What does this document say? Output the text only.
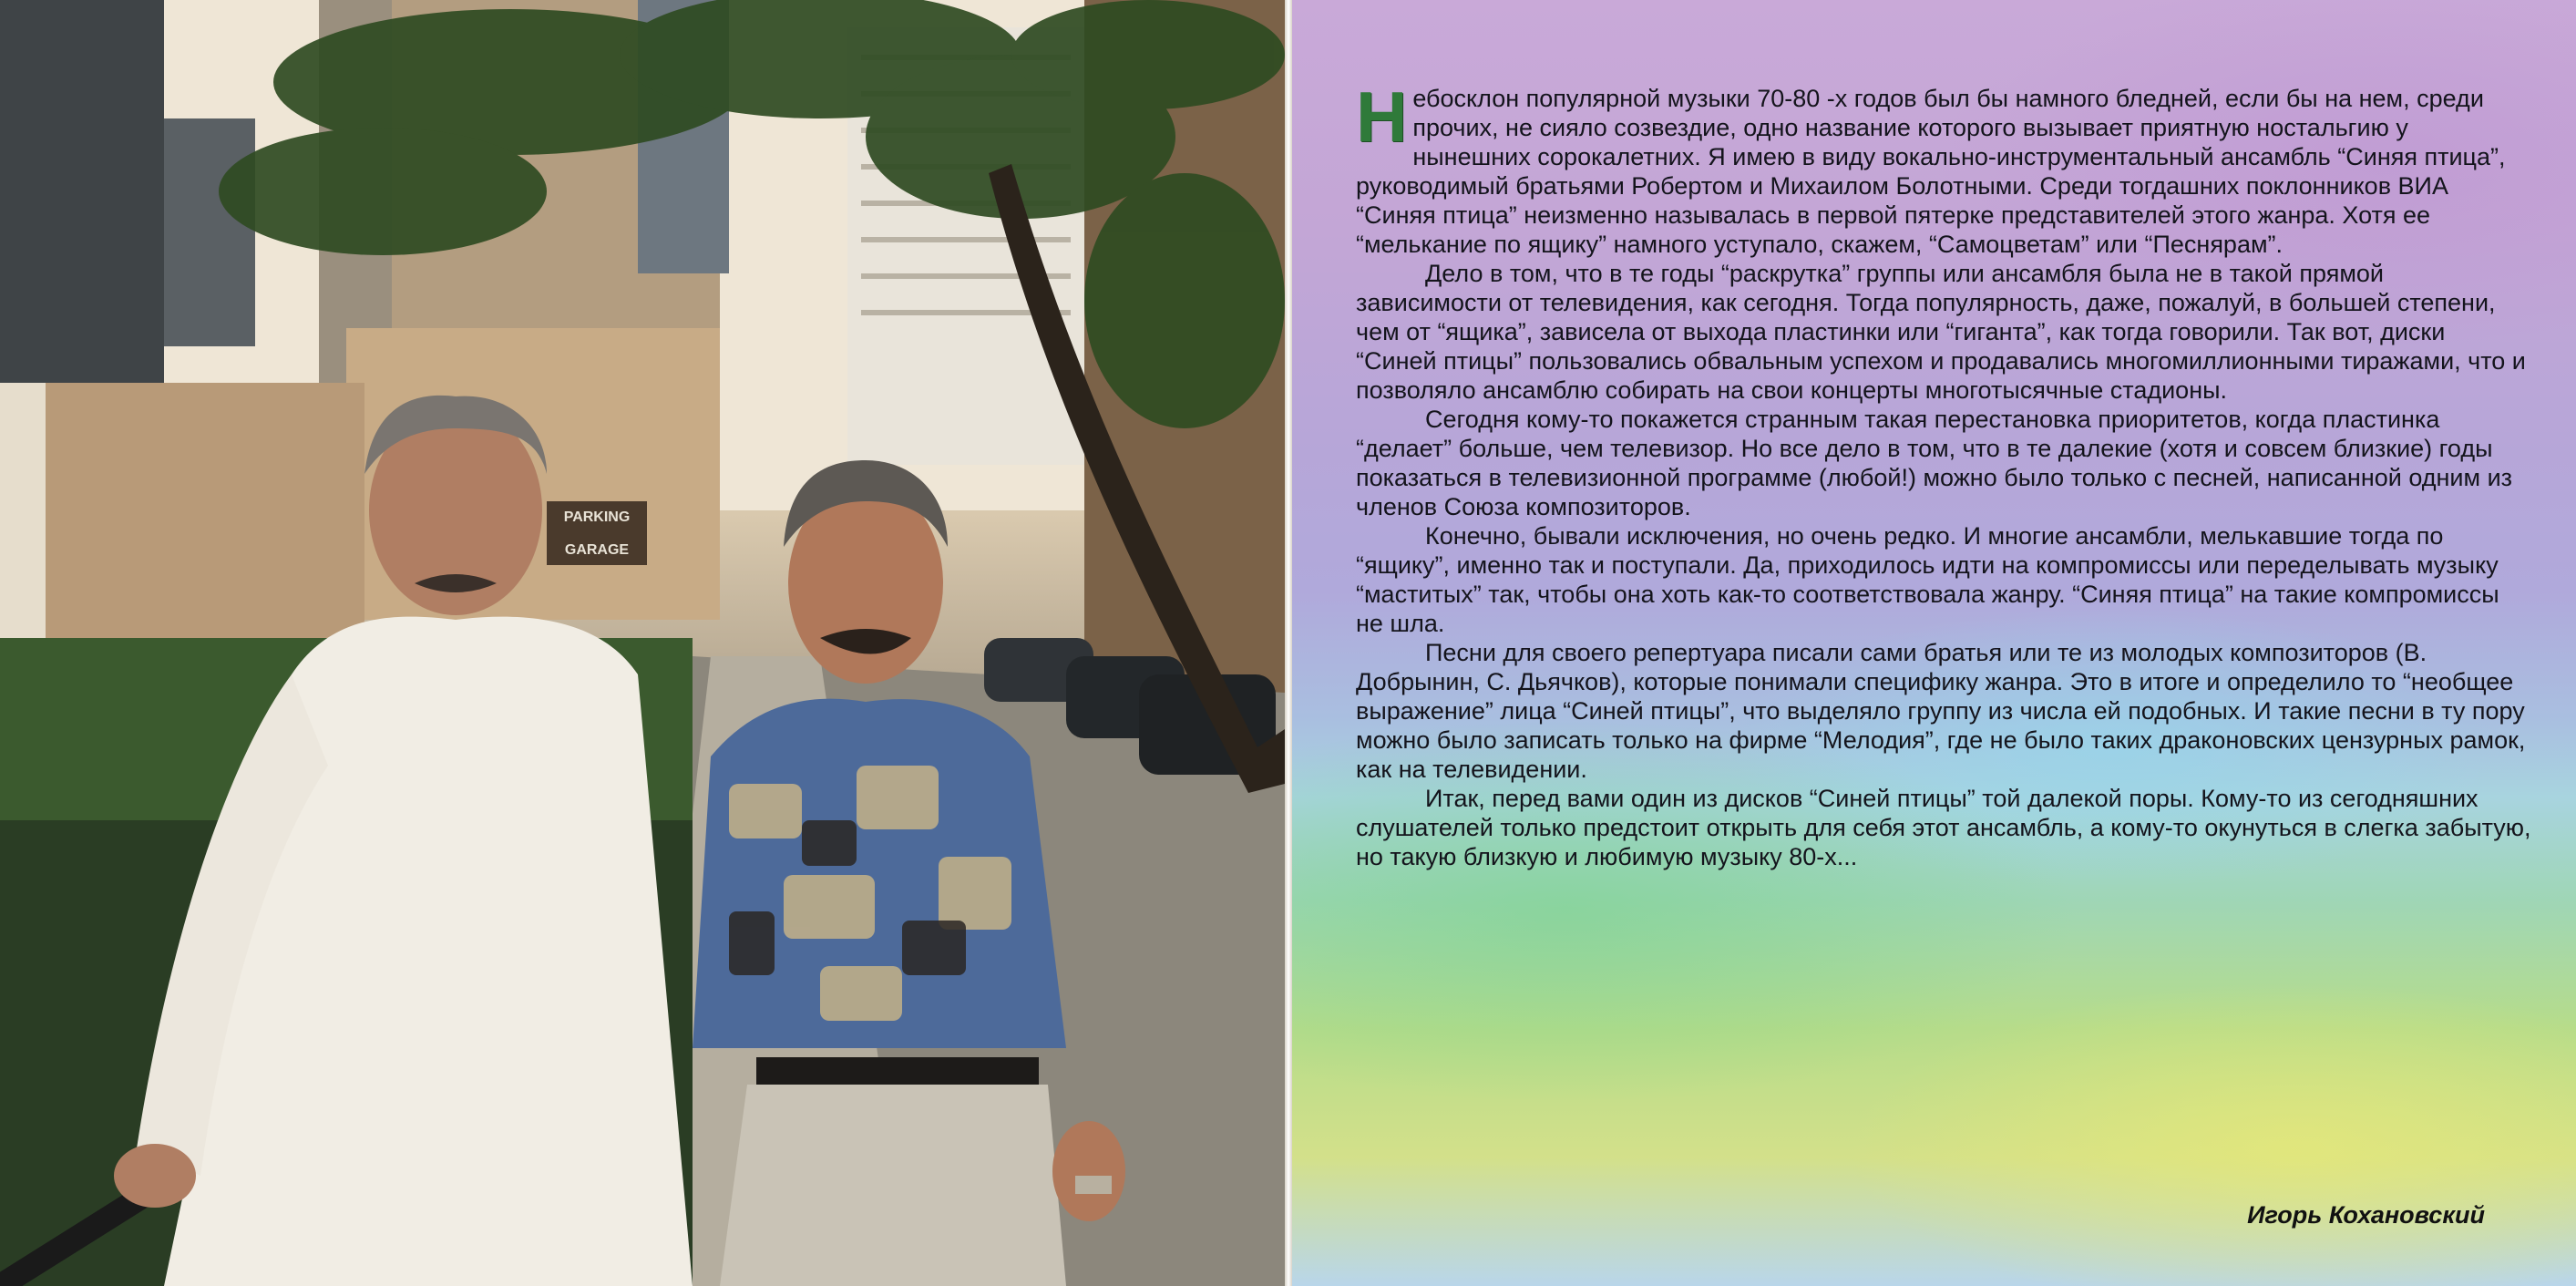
PARKING
GARAGE

Небосклон популярной музыки 70-80 -х годов был бы намного бледней, если бы на нем, среди прочих, не сияло созвездие, одно название которого вызывает приятную ностальгию у нынешних сорокалетних. Я имею в виду вокально-инструментальный ансамбль “Синяя птица”, руководимый братьями Робертом и Михаилом Болотными. Среди тогдашних поклонников ВИА “Синяя птица” неизменно называлась в первой пятерке представителей этого жанра. Хотя ее “мелькание по ящику” намного уступало, скажем, “Самоцветам” или “Песнярам”.

Дело в том, что в те годы “раскрутка” группы или ансамбля была не в такой прямой зависимости от телевидения, как сегодня. Тогда популярность, даже, пожалуй, в большей степени, чем от “ящика”, зависела от выхода пластинки или “гиганта”, как тогда говорили. Так вот, диски “Синей птицы” пользовались обвальным успехом и продавались многомиллионными тиражами, что и позволяло ансамблю собирать на свои концерты многотысячные стадионы.

Сегодня кому-то покажется странным такая перестановка приоритетов, когда пластинка “делает” больше, чем телевизор. Но все дело в том, что в те далекие (хотя и совсем близкие) годы показаться в телевизионной программе (любой!) можно было только с песней, написанной одним из членов Союза композиторов.

Конечно, бывали исключения, но очень редко. И многие ансамбли, мелькавшие тогда по “ящику”, именно так и поступали. Да, приходилось идти на компромиссы или переделывать музыку “маститых” так, чтобы она хоть как-то соответствовала жанру. “Синяя птица” на такие компромиссы не шла.

Песни для своего репертуара писали сами братья или те из молодых композиторов (В. Добрынин, С. Дьячков), которые понимали специфику жанра. Это в итоге и определило то “необщее выражение” лица “Синей птицы”, что выделяло группу из числа ей подобных. И такие песни в ту пору можно было записать только на фирме “Мелодия”, где не было таких драконовских цензурных рамок, как на телевидении.

Итак, перед вами один из дисков “Синей птицы” той далекой поры. Кому-то из сегодняшних слушателей только предстоит открыть для себя этот ансамбль, а кому-то окунуться в слегка забытую, но такую близкую и любимую музыку 80-х...

Игорь Кохановский
